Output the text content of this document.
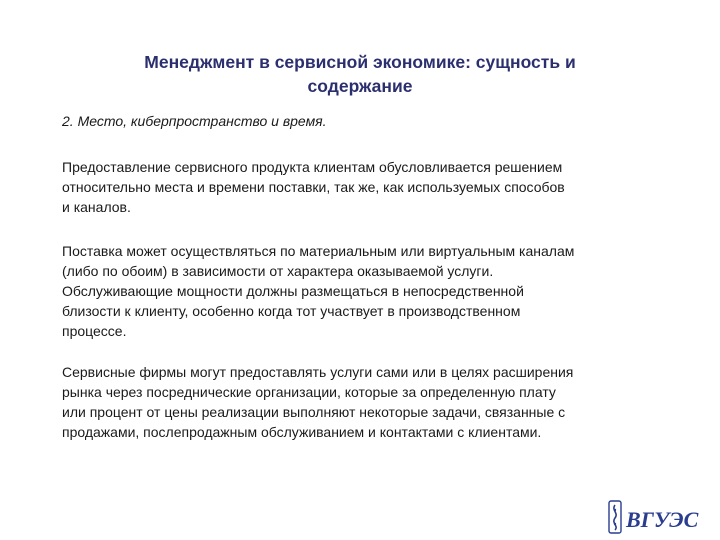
Менеджмент в сервисной экономике: сущность и
содержание
2. Место, киберпространство и время.
Предоставление сервисного продукта клиентам обусловливается решением
относительно места и времени поставки, так же, как используемых способов
и каналов.
Поставка может осуществляться по материальным или виртуальным каналам
(либо по обоим) в зависимости от характера оказываемой услуги.
Обслуживающие мощности должны размещаться в непосредственной
близости к клиенту, особенно когда тот участвует в производственном
процессе.
Сервисные фирмы могут предоставлять услуги сами или в целях расширения
рынка через посреднические организации, которые за определенную плату
или процент от цены реализации выполняют некоторые задачи, связанные с
продажами, послепродажным обслуживанием и контактами с клиентами.
ВГУЭС
